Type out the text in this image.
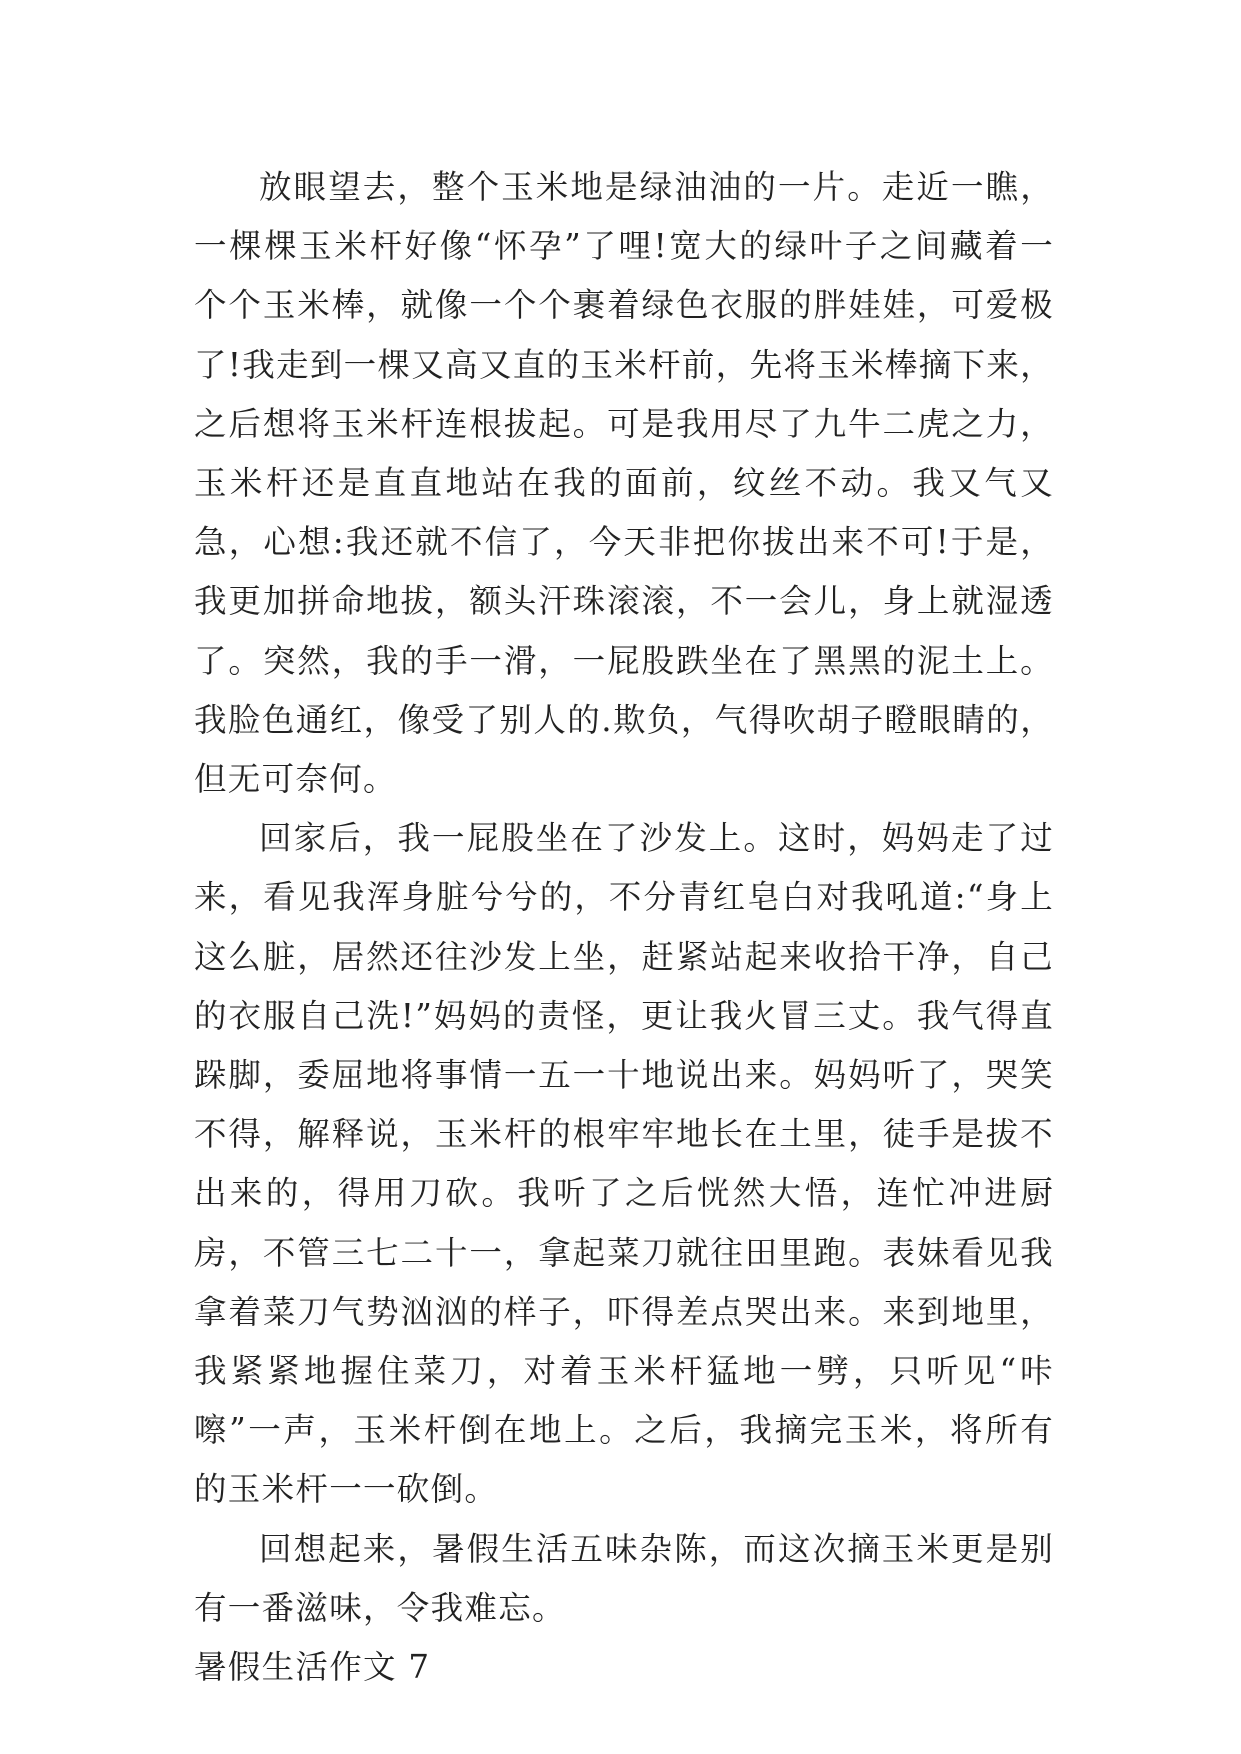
放眼望去，整个玉米地是绿油油的一片。走近一瞧，一棵棵玉米杆好像“怀孕”了哩!宽大的绿叶子之间藏着一个个玉米棒，就像一个个裹着绿色衣服的胖娃娃，可爱极了!我走到一棵又高又直的玉米杆前，先将玉米棒摘下来，之后想将玉米杆连根拔起。可是我用尽了九牛二虎之力，玉米杆还是直直地站在我的面前，纹丝不动。我又气又急，心想:我还就不信了，今天非把你拔出来不可!于是，我更加拼命地拔，额头汗珠滚滚，不一会儿，身上就湿透了。突然，我的手一滑，一屁股跌坐在了黑黑的泥土上。我脸色通红，像受了别人的.欺负，气得吹胡子瞪眼睛的，但无可奈何。

回家后，我一屁股坐在了沙发上。这时，妈妈走了过来，看见我浑身脏兮兮的，不分青红皂白对我吼道:“身上这么脏，居然还往沙发上坐，赶紧站起来收拾干净，自己的衣服自己洗!”妈妈的责怪，更让我火冒三丈。我气得直跺脚，委屈地将事情一五一十地说出来。妈妈听了，哭笑不得，解释说，玉米杆的根牢牢地长在土里，徒手是拔不出来的，得用刀砍。我听了之后恍然大悟，连忙冲进厨房，不管三七二十一，拿起菜刀就往田里跑。表妹看见我拿着菜刀气势汹汹的样子，吓得差点哭出来。来到地里，我紧紧地握住菜刀，对着玉米杆猛地一劈，只听见“咔嚓”一声，玉米杆倒在地上。之后，我摘完玉米，将所有的玉米杆一一砍倒。

回想起来，暑假生活五味杂陈，而这次摘玉米更是别有一番滋味，令我难忘。

暑假生活作文 7
